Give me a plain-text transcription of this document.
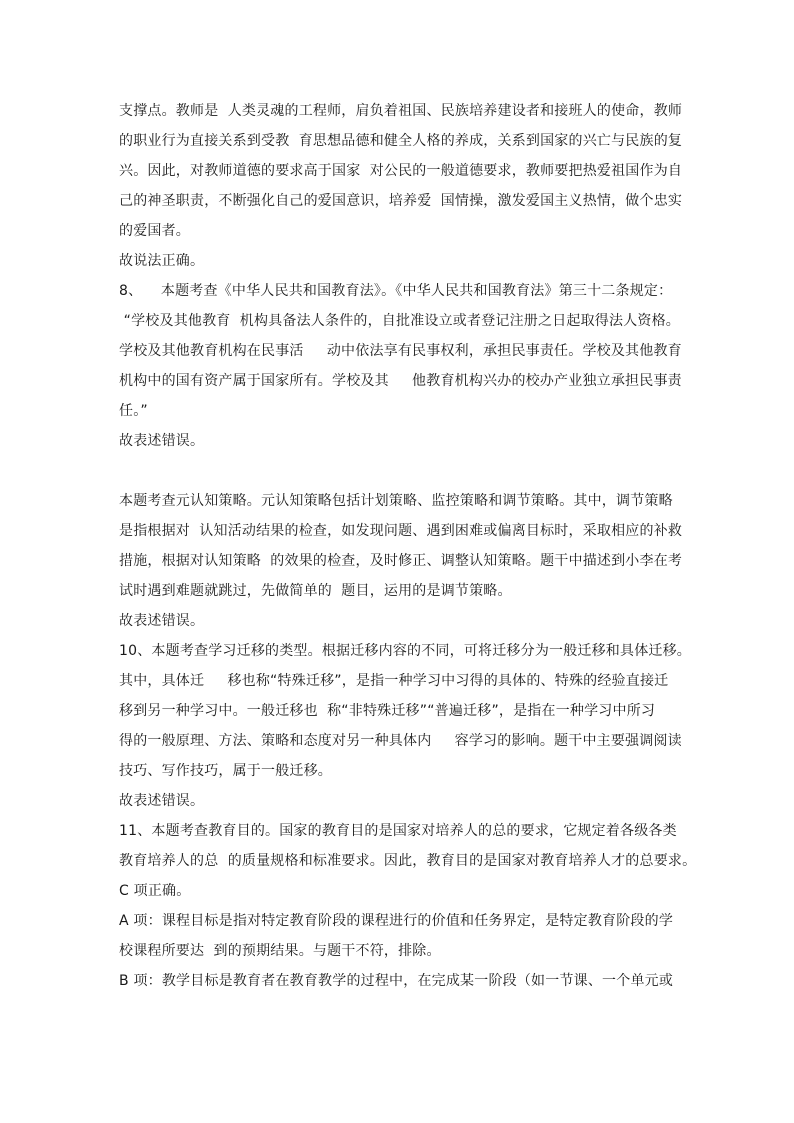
支撑点。教师是  人类灵魂的工程师，肩负着祖国、民族培养建设者和接班人的使命，教师
的职业行为直接关系到受教  育思想品德和健全人格的养成，关系到国家的兴亡与民族的复
兴。因此，对教师道德的要求高于国家  对公民的一般道德要求，教师要把热爱祖国作为自
己的神圣职责，不断强化自己的爱国意识，培养爱  国情操，激发爱国主义热情，做个忠实
的爱国者。
故说法正确。
8、    本题考查《中华人民共和国教育法》。《中华人民共和国教育法》第三十二条规定：
“学校及其他教育  机构具备法人条件的，自批准设立或者登记注册之日起取得法人资格。
学校及其他教育机构在民事活     动中依法享有民事权利，承担民事责任。学校及其他教育
机构中的国有资产属于国家所有。学校及其     他教育机构兴办的校办产业独立承担民事责
任。”
故表述错误。
本题考查元认知策略。元认知策略包括计划策略、监控策略和调节策略。其中，调节策略
是指根据对  认知活动结果的检查，如发现问题、遇到困难或偏离目标时，采取相应的补救
措施，根据对认知策略  的效果的检查，及时修正、调整认知策略。题干中描述到小李在考
试时遇到难题就跳过，先做简单的  题目，运用的是调节策略。
故表述错误。
10、本题考查学习迁移的类型。根据迁移内容的不同，可将迁移分为一般迁移和具体迁移。
其中，具体迁     移也称“特殊迁移”，是指一种学习中习得的具体的、特殊的经验直接迁
移到另一种学习中。一般迁移也  称“非特殊迁移”“普遍迁移”，是指在一种学习中所习
得的一般原理、方法、策略和态度对另一种具体内     容学习的影响。题干中主要强调阅读
技巧、写作技巧，属于一般迁移。
故表述错误。
11、本题考查教育目的。国家的教育目的是国家对培养人的总的要求，它规定着各级各类
教育培养人的总  的质量规格和标准要求。因此，教育目的是国家对教育培养人才的总要求。
C 项正确。
A 项：课程目标是指对特定教育阶段的课程进行的价值和任务界定，是特定教育阶段的学
校课程所要达  到的预期结果。与题干不符，排除。
B 项：教学目标是教育者在教育教学的过程中，在完成某一阶段（如一节课、一个单元或
